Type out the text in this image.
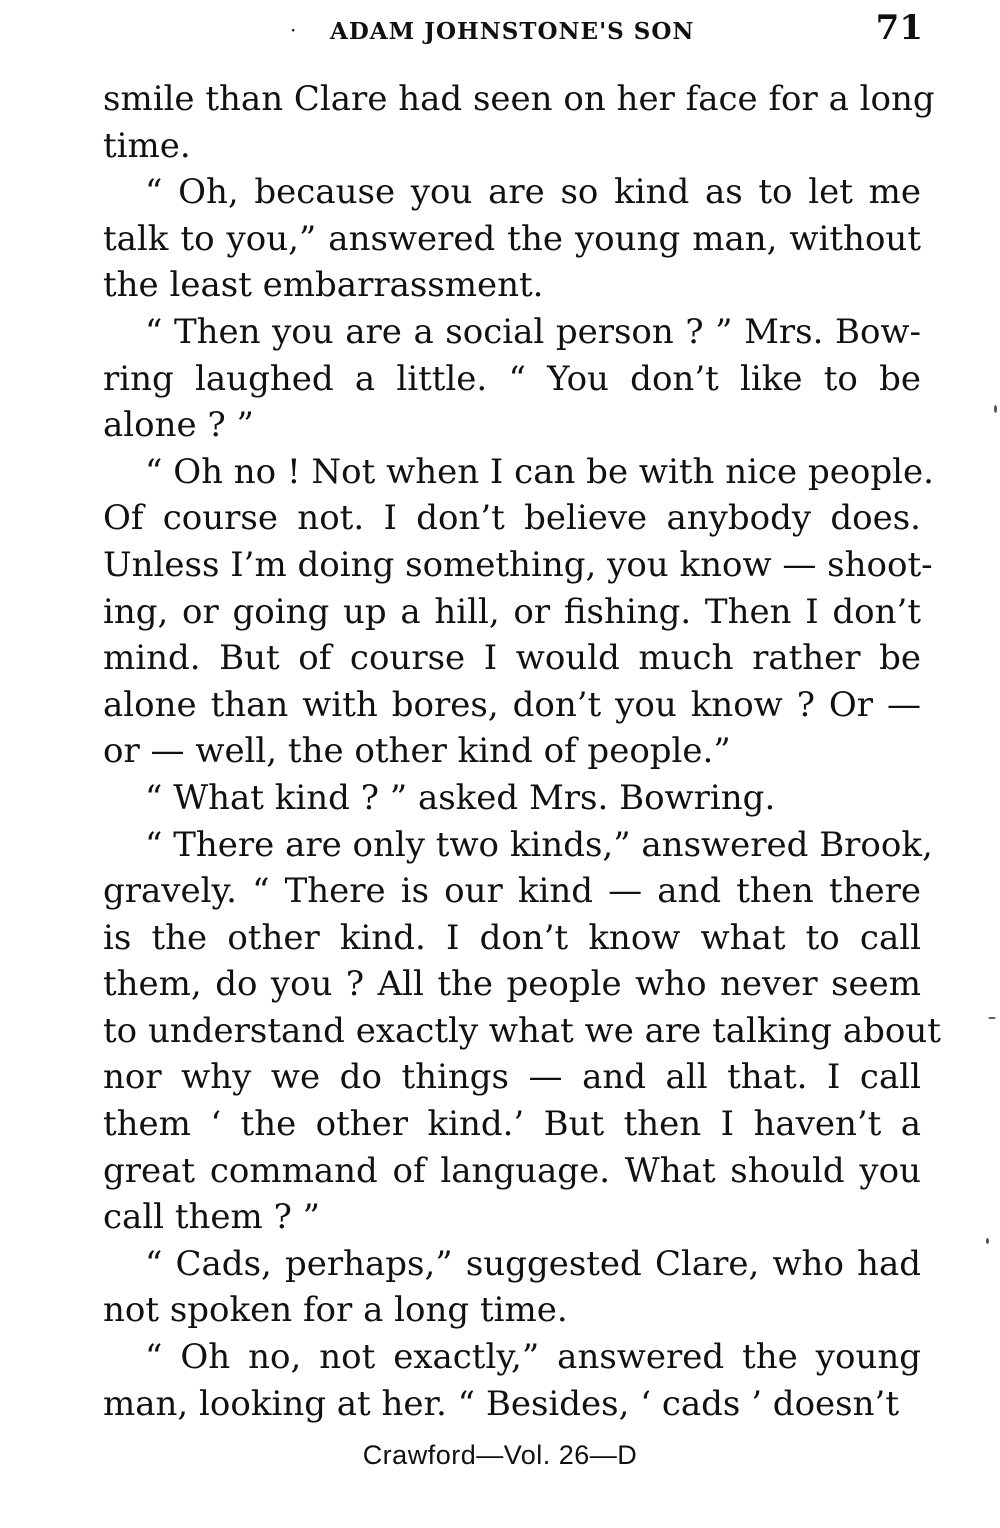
· ADAM JOHNSTONE'S SON	71
smile than Clare had seen on her face for a long
time.
“ Oh, because you are so kind as to let me
talk to you,” answered the young man, without
the least embarrassment.
“ Then you are a social person ? ” Mrs. Bow-
ring laughed a little. “ You don’t like to be
alone ? ”
“ Oh no ! Not when I can be with nice people.
Of course not. I don’t believe anybody does.
Unless I’m doing something, you know — shoot-
ing, or going up a hill, or fishing. Then I don’t
mind. But of course I would much rather be
alone than with bores, don’t you know ? Or —
or — well, the other kind of people.”
“ What kind ? ” asked Mrs. Bowring.
“ There are only two kinds,” answered Brook,
gravely. “ There is our kind — and then there
is the other kind. I don’t know what to call
them, do you ? All the people who never seem
to understand exactly what we are talking about
nor why we do things — and all that. I call
them ‘ the other kind.’ But then I haven’t a
great command of language. What should you
call them ? ”
“ Cads, perhaps,” suggested Clare, who had
not spoken for a long time.
“ Oh no, not exactly,” answered the young
man, looking at her. “ Besides, ‘ cads ’ doesn’t
Crawford—Vol. 26—D
